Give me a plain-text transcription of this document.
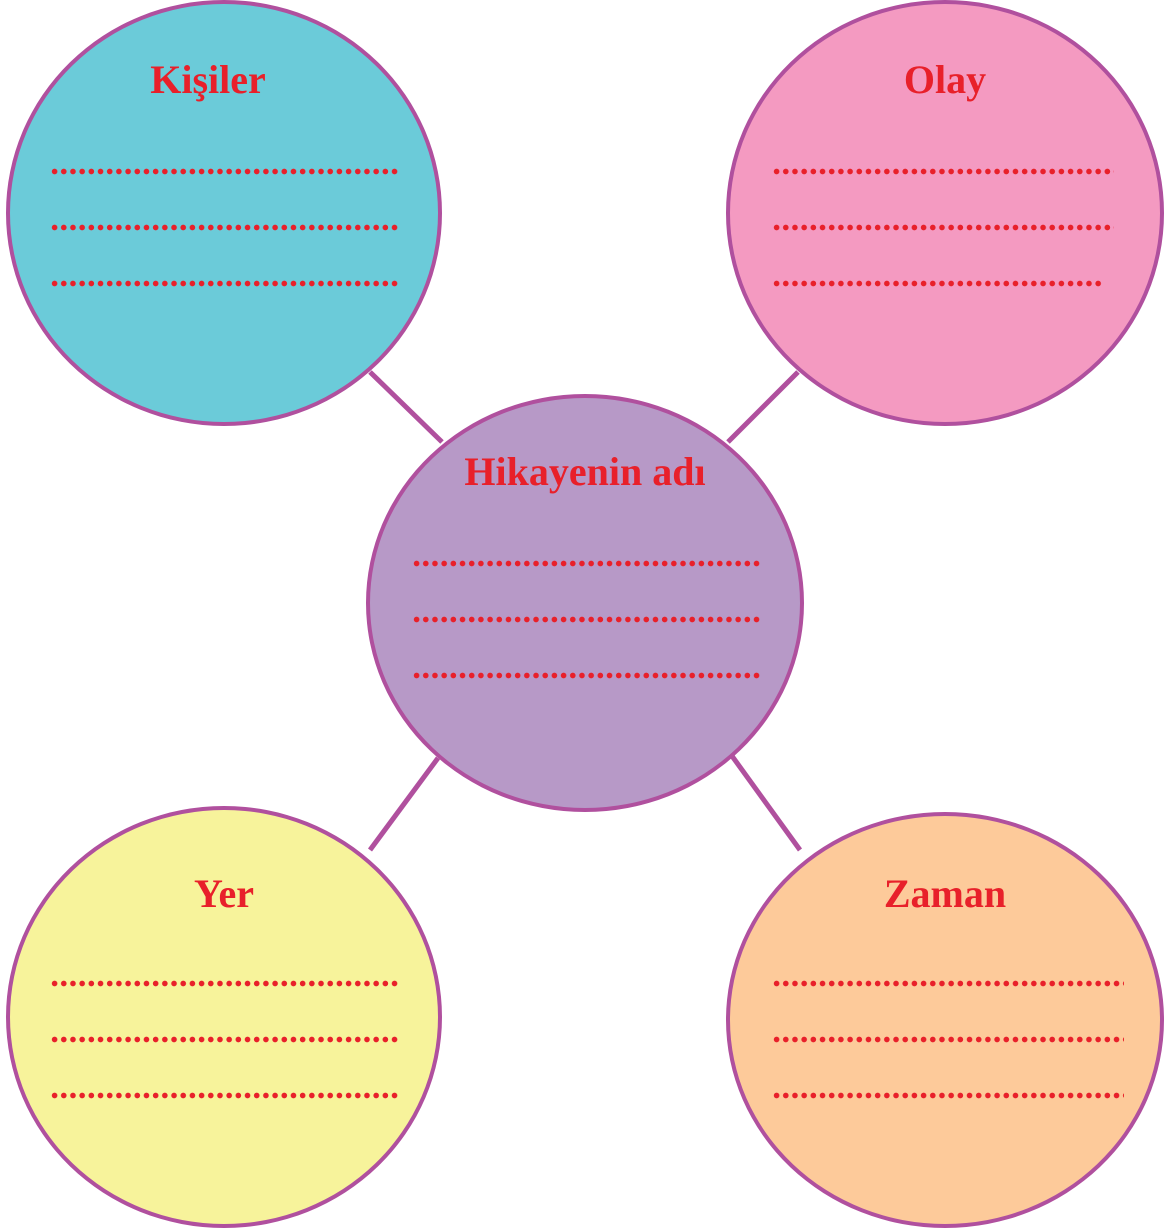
Kişiler	Olay
Hikayenin adı
Yer	Zaman
